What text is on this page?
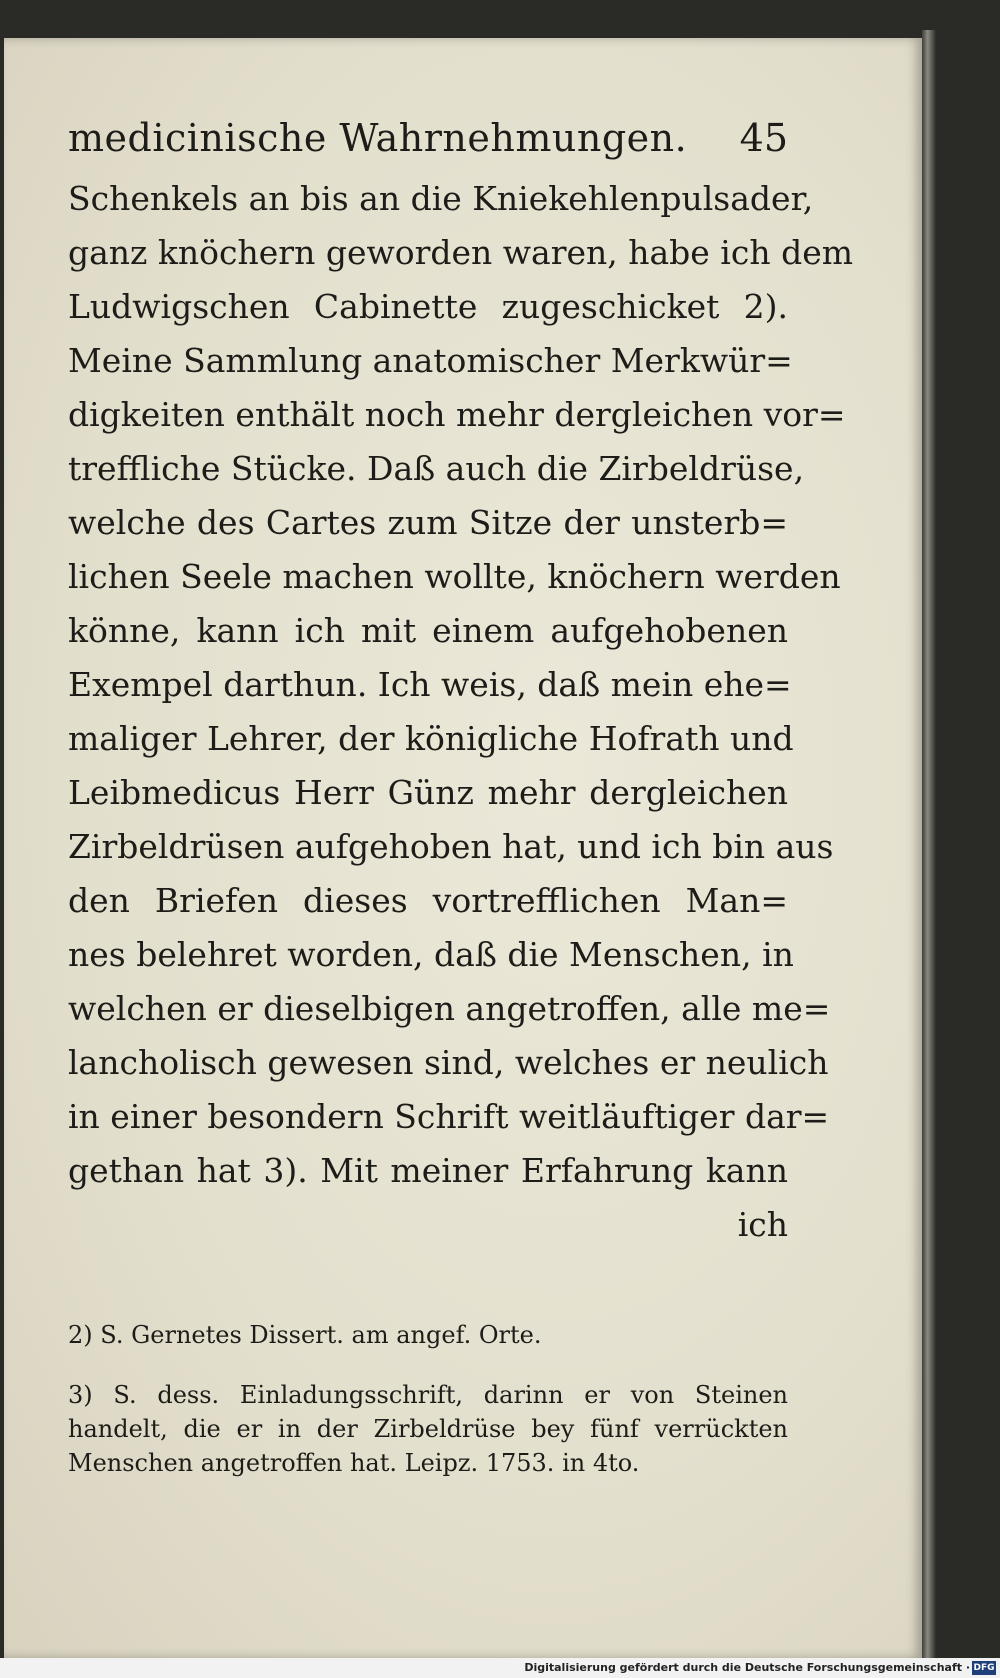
medicinische Wahrnehmungen. 45
Schenkels an bis an die Kniekehlenpulsader,
ganz knöchern geworden waren, habe ich dem
Ludwigschen Cabinette zugeschicket 2).
Meine Sammlung anatomischer Merkwür=
digkeiten enthält noch mehr dergleichen vor=
treffliche Stücke. Daß auch die Zirbeldrüse,
welche des Cartes zum Sitze der unsterb=
lichen Seele machen wollte, knöchern werden
könne, kann ich mit einem aufgehobenen
Exempel darthun. Ich weis, daß mein ehe=
maliger Lehrer, der königliche Hofrath und
Leibmedicus Herr Günz mehr dergleichen
Zirbeldrüsen aufgehoben hat, und ich bin aus
den Briefen dieses vortrefflichen Man=
nes belehret worden, daß die Menschen, in
welchen er dieselbigen angetroffen, alle me=
lancholisch gewesen sind, welches er neulich
in einer besondern Schrift weitläuftiger dar=
gethan hat 3). Mit meiner Erfahrung kann
ich
2) S. Gernetes Dissert. am angef. Orte.
3) S. dess. Einladungsschrift, darinn er von Steinen
handelt, die er in der Zirbeldrüse bey fünf verrückten
Menschen angetroffen hat. Leipz. 1753. in 4to.
Digitalisierung gefördert durch die Deutsche Forschungsgemeinschaft · DFG
